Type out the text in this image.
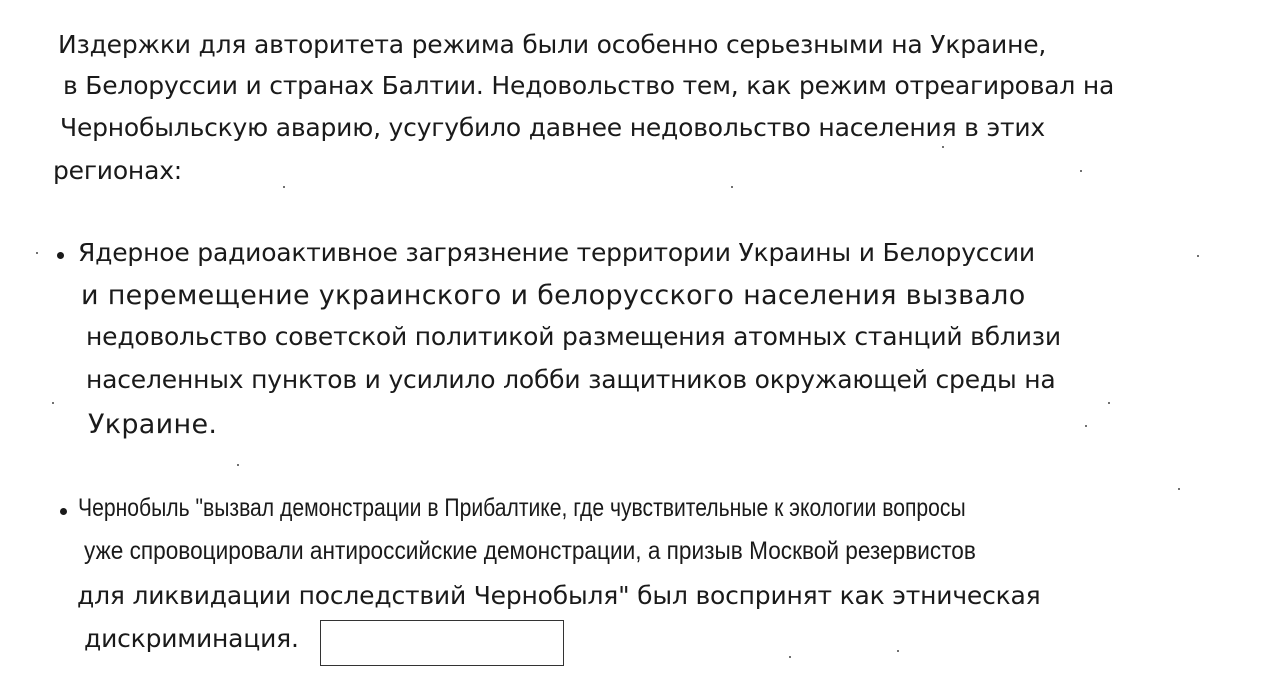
Издержки для авторитета режима были особенно серьезными на Украине,
в Белоруссии и странах Балтии. Недовольство тем, как режим отреагировал на
Чернобыльскую аварию, усугубило давнее недовольство населения в этих
регионах:
Ядерное радиоактивное загрязнение территории Украины и Белоруссии
и перемещение украинского и белорусского населения вызвало
недовольство советской политикой размещения атомных станций вблизи
населенных пунктов и усилило лобби защитников окружающей среды на
Украине.
Чернобыль "вызвал демонстрации в Прибалтике, где чувствительные к экологии вопросы
уже спровоцировали антироссийские демонстрации, а призыв Москвой резервистов
для ликвидации последствий Чернобыля" был воспринят как этническая
дискриминация.
